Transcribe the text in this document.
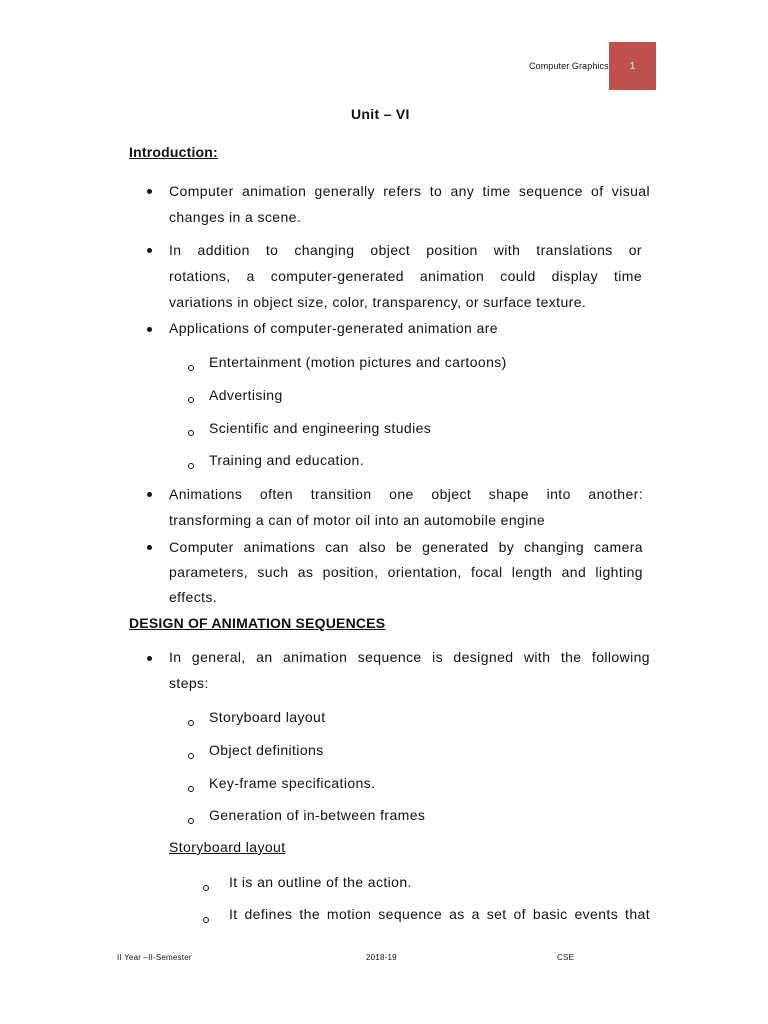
Computer Graphics 1
Unit – VI
Introduction:
Computer animation generally refers to any time sequence of visual
changes in a scene.
In addition to changing object position with translations or
rotations, a computer-generated animation could display time
variations in object size, color, transparency, or surface texture.
Applications of computer-generated animation are
Entertainment (motion pictures and cartoons)
Advertising
Scientific and engineering studies
Training and education.
Animations often transition one object shape into another:
transforming a can of motor oil into an automobile engine
Computer animations can also be generated by changing camera
parameters, such as position, orientation, focal length and lighting
effects.
DESIGN OF ANIMATION SEQUENCES
In general, an animation sequence is designed with the following
steps:
Storyboard layout
Object definitions
Key-frame specifications.
Generation of in-between frames
Storyboard layout
It is an outline of the action.
It defines the motion sequence as a set of basic events that
II Year –II-Semester	2018-19	CSE
